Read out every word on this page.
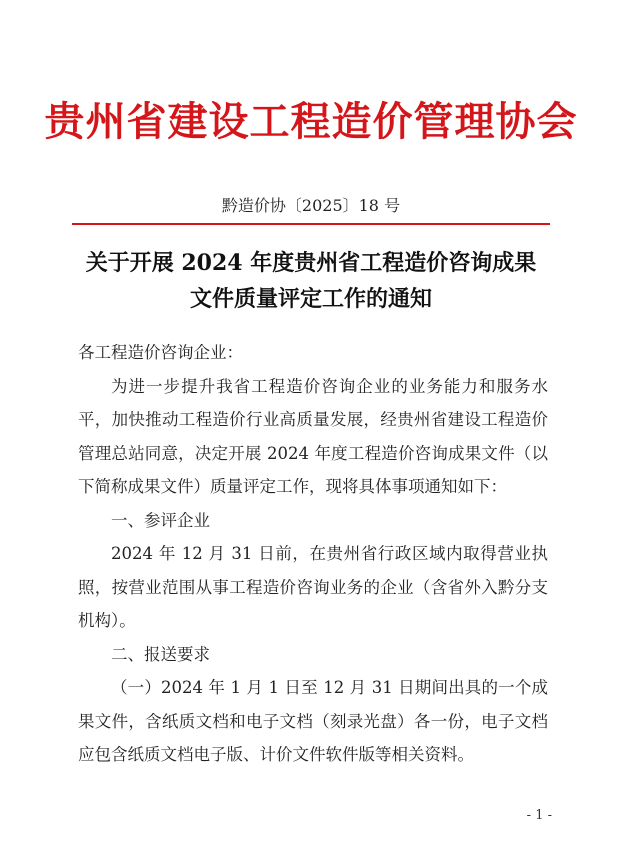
贵州省建设工程造价管理协会
黔造价协〔2025〕18 号
关于开展 2024 年度贵州省工程造价咨询成果
文件质量评定工作的通知

各工程造价咨询企业：

为进一步提升我省工程造价咨询企业的业务能力和服务水平，加快推动工程造价行业高质量发展，经贵州省建设工程造价管理总站同意，决定开展 2024 年度工程造价咨询成果文件（以下简称成果文件）质量评定工作，现将具体事项通知如下：

一、参评企业

2024 年 12 月 31 日前，在贵州省行政区域内取得营业执照，按营业范围从事工程造价咨询业务的企业（含省外入黔分支机构）。

二、报送要求

（一）2024 年 1 月 1 日至 12 月 31 日期间出具的一个成果文件，含纸质文档和电子文档（刻录光盘）各一份，电子文档应包含纸质文档电子版、计价文件软件版等相关资料。

- 1 -
